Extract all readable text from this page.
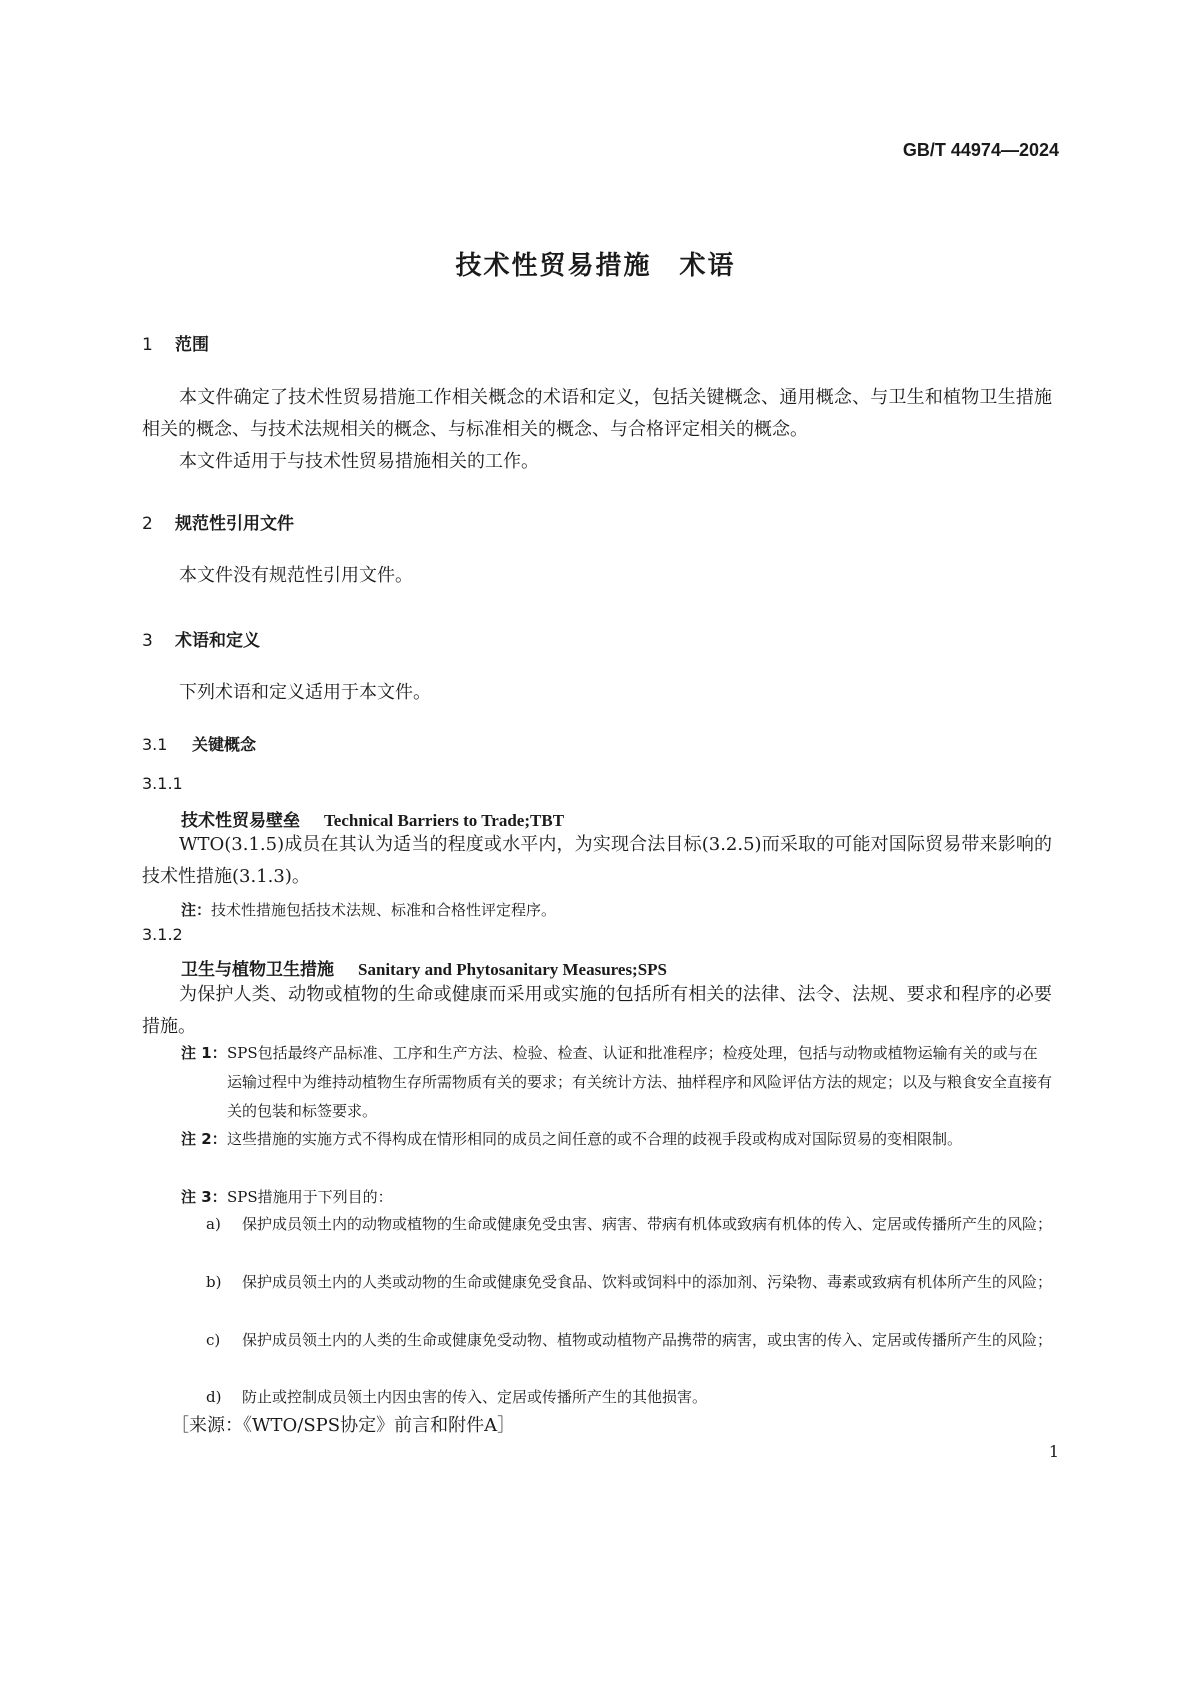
GB/T 44974—2024
技术性贸易措施　术语
1 范围
本文件确定了技术性贸易措施工作相关概念的术语和定义，包括关键概念、通用概念、与卫生和植物卫生措施相关的概念、与技术法规相关的概念、与标准相关的概念、与合格评定相关的概念。
本文件适用于与技术性贸易措施相关的工作。
2 规范性引用文件
本文件没有规范性引用文件。
3 术语和定义
下列术语和定义适用于本文件。
3.1 关键概念
3.1.1
技术性贸易壁垒 Technical Barriers to Trade;TBT
WTO(3.1.5)成员在其认为适当的程度或水平内，为实现合法目标(3.2.5)而采取的可能对国际贸易带来影响的技术性措施(3.1.3)。
注：技术性措施包括技术法规、标准和合格性评定程序。
3.1.2
卫生与植物卫生措施 Sanitary and Phytosanitary Measures;SPS
为保护人类、动物或植物的生命或健康而采用或实施的包括所有相关的法律、法令、法规、要求和程序的必要措施。
注 1：SPS包括最终产品标准、工序和生产方法、检验、检查、认证和批准程序；检疫处理，包括与动物或植物运输有关的或与在运输过程中为维持动植物生存所需物质有关的要求；有关统计方法、抽样程序和风险评估方法的规定；以及与粮食安全直接有关的包装和标签要求。
注 2：这些措施的实施方式不得构成在情形相同的成员之间任意的或不合理的歧视手段或构成对国际贸易的变相限制。
注 3：SPS措施用于下列目的：
a) 保护成员领土内的动物或植物的生命或健康免受虫害、病害、带病有机体或致病有机体的传入、定居或传播所产生的风险；
b) 保护成员领土内的人类或动物的生命或健康免受食品、饮料或饲料中的添加剂、污染物、毒素或致病有机体所产生的风险；
c) 保护成员领土内的人类的生命或健康免受动物、植物或动植物产品携带的病害，或虫害的传入、定居或传播所产生的风险；
d) 防止或控制成员领土内因虫害的传入、定居或传播所产生的其他损害。
［来源：《WTO/SPS协定》前言和附件A］
1
